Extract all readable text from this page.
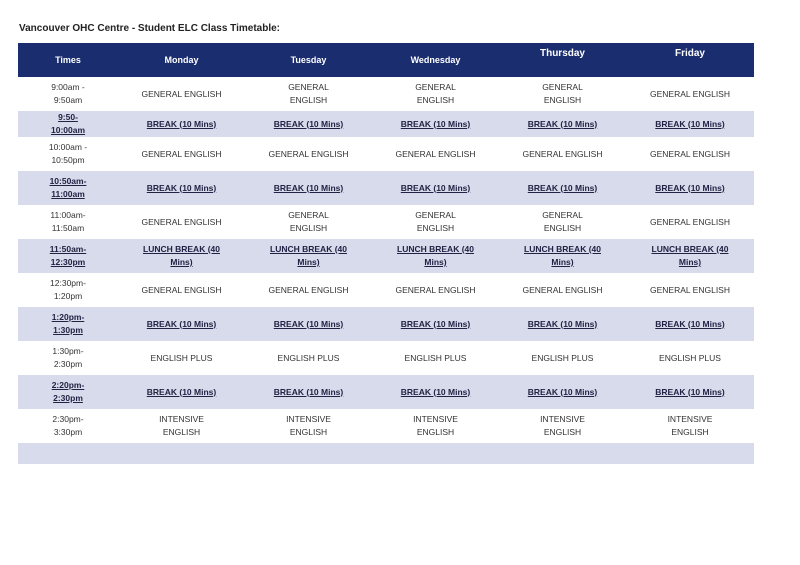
Vancouver OHC Centre - Student ELC Class Timetable:
Times	Monday	Tuesday	Wednesday	Thursday	Friday
9:00am -
9:50am	GENERAL ENGLISH	GENERAL
ENGLISH	GENERAL
ENGLISH	GENERAL
ENGLISH	GENERAL ENGLISH
9:50-10:00am	BREAK (10 Mins)	BREAK (10 Mins)	BREAK (10 Mins)	BREAK (10 Mins)	BREAK (10 Mins)
10:00am -
10:50pm	GENERAL ENGLISH	GENERAL ENGLISH	GENERAL ENGLISH	GENERAL ENGLISH	GENERAL ENGLISH
10:50am-
11:00am	BREAK (10 Mins)	BREAK (10 Mins)	BREAK (10 Mins)	BREAK (10 Mins)	BREAK (10 Mins)
11:00am-
11:50am	GENERAL ENGLISH	GENERAL
ENGLISH	GENERAL
ENGLISH	GENERAL
ENGLISH	GENERAL ENGLISH
11:50am-
12:30pm	LUNCH BREAK (40
Mins)	LUNCH BREAK (40
Mins)	LUNCH BREAK (40
Mins)	LUNCH BREAK (40
Mins)	LUNCH BREAK (40
Mins)
12:30pm-
1:20pm	GENERAL ENGLISH	GENERAL ENGLISH	GENERAL ENGLISH	GENERAL ENGLISH	GENERAL ENGLISH
1:20pm-
1:30pm	BREAK (10 Mins)	BREAK (10 Mins)	BREAK (10 Mins)	BREAK (10 Mins)	BREAK (10 Mins)
1:30pm-
2:30pm	ENGLISH PLUS	ENGLISH PLUS	ENGLISH PLUS	ENGLISH PLUS	ENGLISH PLUS
2:20pm-
2:30pm	BREAK (10 Mins)	BREAK (10 Mins)	BREAK (10 Mins)	BREAK (10 Mins)	BREAK (10 Mins)
2:30pm-
3:30pm	INTENSIVE
ENGLISH	INTENSIVE
ENGLISH	INTENSIVE
ENGLISH	INTENSIVE
ENGLISH	INTENSIVE
ENGLISH
